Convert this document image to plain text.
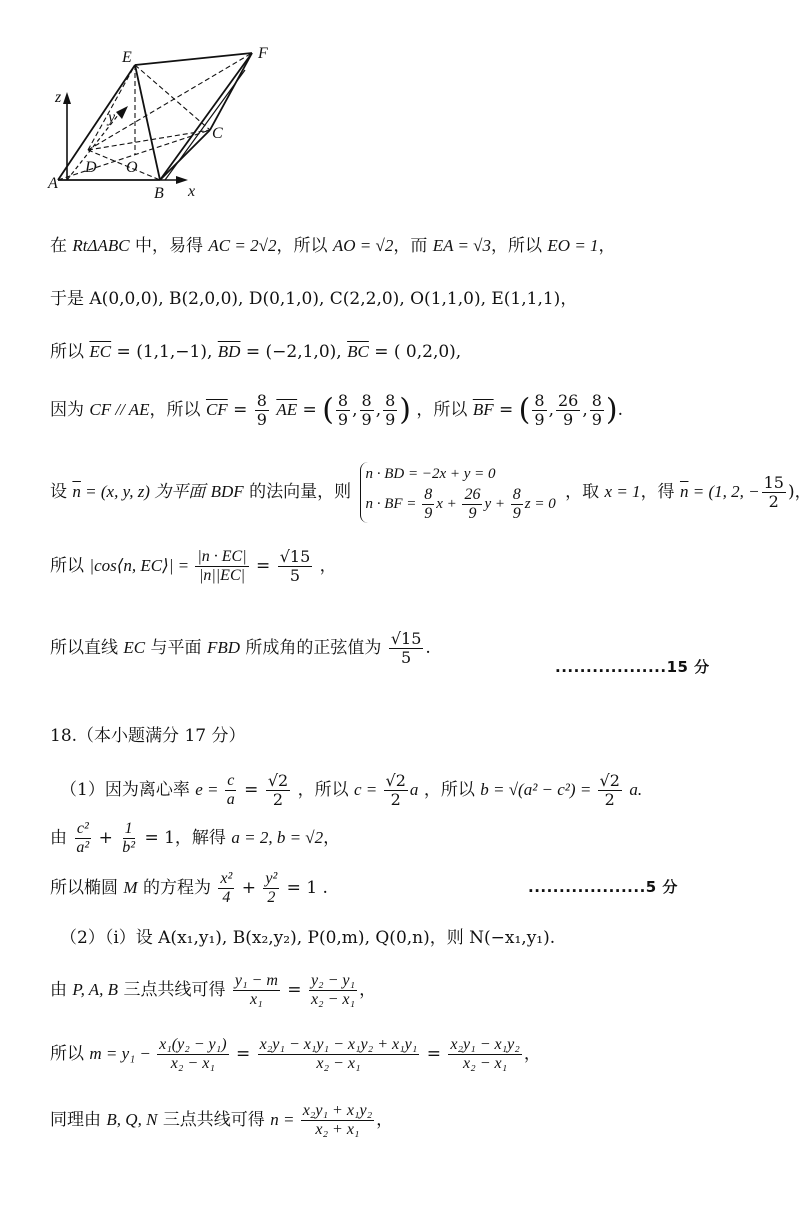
E	F
z
y
C
D O
A
B x
在 RtΔABC 中，易得 AC = 2√2，所以 AO = √2，而 EA = √3，所以 EO = 1，
于是 A(0,0,0), B(2,0,0), D(0,1,0), C(2,2,0), O(1,1,0), E(1,1,1)，
所以 $\overline{EC} = (1,1,-1)$, $\overline{BD} = (-2,1,0)$, $\overline{BC}$ = ( 0,2,0),
因为 CF // AE，所以 $\overline{CF} = \frac{8}{9} \overline{AE}$ = ( $\frac{8}{9}$ , $\frac{8}{9}$ , $\frac{8}{9}$ ) ，所以 $\overline{BF}$ = ( $\frac{8}{9}$ , $\frac{26}{9}$ , $\frac{8}{9}$ ).
设 $\overline{n} = (x$, y, z) 为平面 BDF 的法向量，则
n · BD = −2x + y = 0
n · BF = $\frac{8}{9}$ $x + \frac{26}{9}$ $y + \frac{8}{9}$ z = 0
，取 x = 1，得 $\overline{n} = (1$, 2, − $\frac{15}{2}$ )，
所以 |cos⟨n, EC⟩| = $\frac{|n \cdot EC|}{|n||EC|} = \frac{√15}{5}$ ，
所以直线 EC 与平面 FBD 所成角的正弦值为 $\frac{√15}{5}$ .
..................15 分
18.（本小题满分 17 分）
（1）因为离心率 $e = \frac{c}{a} = \frac{√2}{2}$ ，所以 $c = \frac{√2}{2}$ a ，所以 $b = √(a^2 - c^2) = \frac{√2}{2} a$.
由 $\frac{\text{c²}}{\text{a²}} + \frac{1}{\text{b²}} = 1$，解得 a = 2, b = √2，
所以椭圆 M 的方程为 $\frac{\text{x²}}{4} + \frac{\text{y²}}{2} = 1$ .	...................5 分
（2）（ⅰ）设 A(x₁,y₁), B(x₂,y₂), P(0,m), Q(0,n)，则 N(−x₁,y₁).
由 P, A, B 三点共线可得 $\frac{\text{y₁ − m}}{\text{x₁}} = \frac{\text{y₂ − y₁}}{\text{x₂ − x₁}}$ ，
所以 $m = y_1 - \frac{\text{x₁(y₂ − y₁)}}{\text{x₂ − x₁}} = \frac{\text{x₂y₁ − x₁y₁ − x₁y₂ + x₁y₁}}{\text{x₂ − x₁}} = \frac{\text{x₂y₁ − x₁y₂}}{\text{x₂ − x₁}}$ ，
同理由 B, Q, N 三点共线可得 $n = \frac{\text{x₂y₁ + x₁y₂}}{\text{x₂ + x₁}}$ ，
